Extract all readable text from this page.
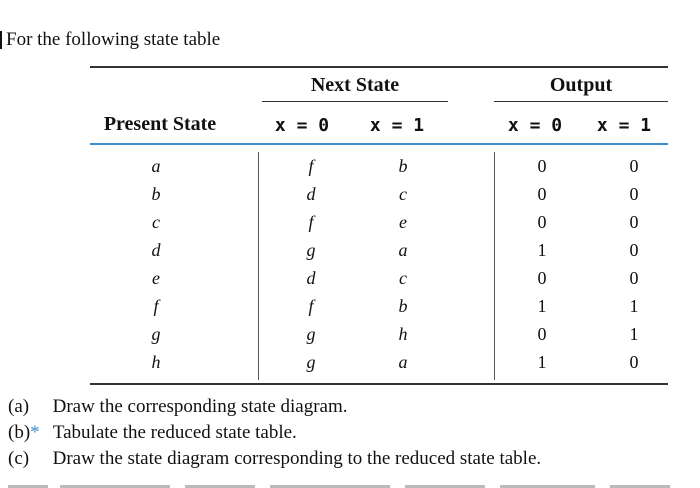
For the following state table
Next State	Output
Present State	x = 0	x = 1	x = 0	x = 1
a	f	b	0	0
b	d	c	0	0
c	f	e	0	0
d	g	a	1	0
e	d	c	0	0
f	f	b	1	1
g	g	h	0	1
h	g	a	1	0
(a) Draw the corresponding state diagram.
(b)* Tabulate the reduced state table.
(c) Draw the state diagram corresponding to the reduced state table.
